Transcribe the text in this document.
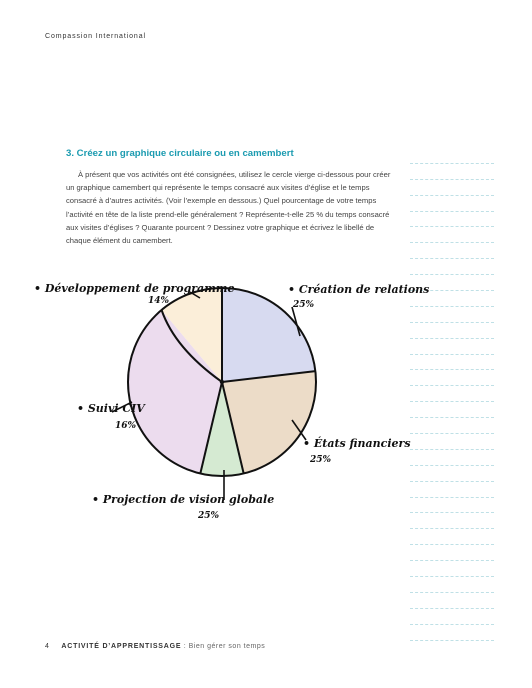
Compassion International
3. Créez un graphique circulaire ou en camembert

À présent que vos activités ont été consignées, utilisez le cercle vierge ci-dessous pour créer un graphique camembert qui représente le temps consacré aux visites d’église et le temps consacré à d’autres activités. (Voir l’exemple en dessous.) Quel pourcentage de votre temps l’activité en tête de la liste prend-elle généralement ? Représente-t-elle 25 % du temps consacré aux visites d’églises ? Quarante pourcent ? Dessinez votre graphique et écrivez le libellé de chaque élément du camembert.

• Création de relations
25%
• États financiers
25%
• Projection de vision globale
25%
• Suivi CIV
16%
• Développement de programme
14%
4 ACTIVITÉ D’APPRENTISSAGE : Bien gérer son temps
